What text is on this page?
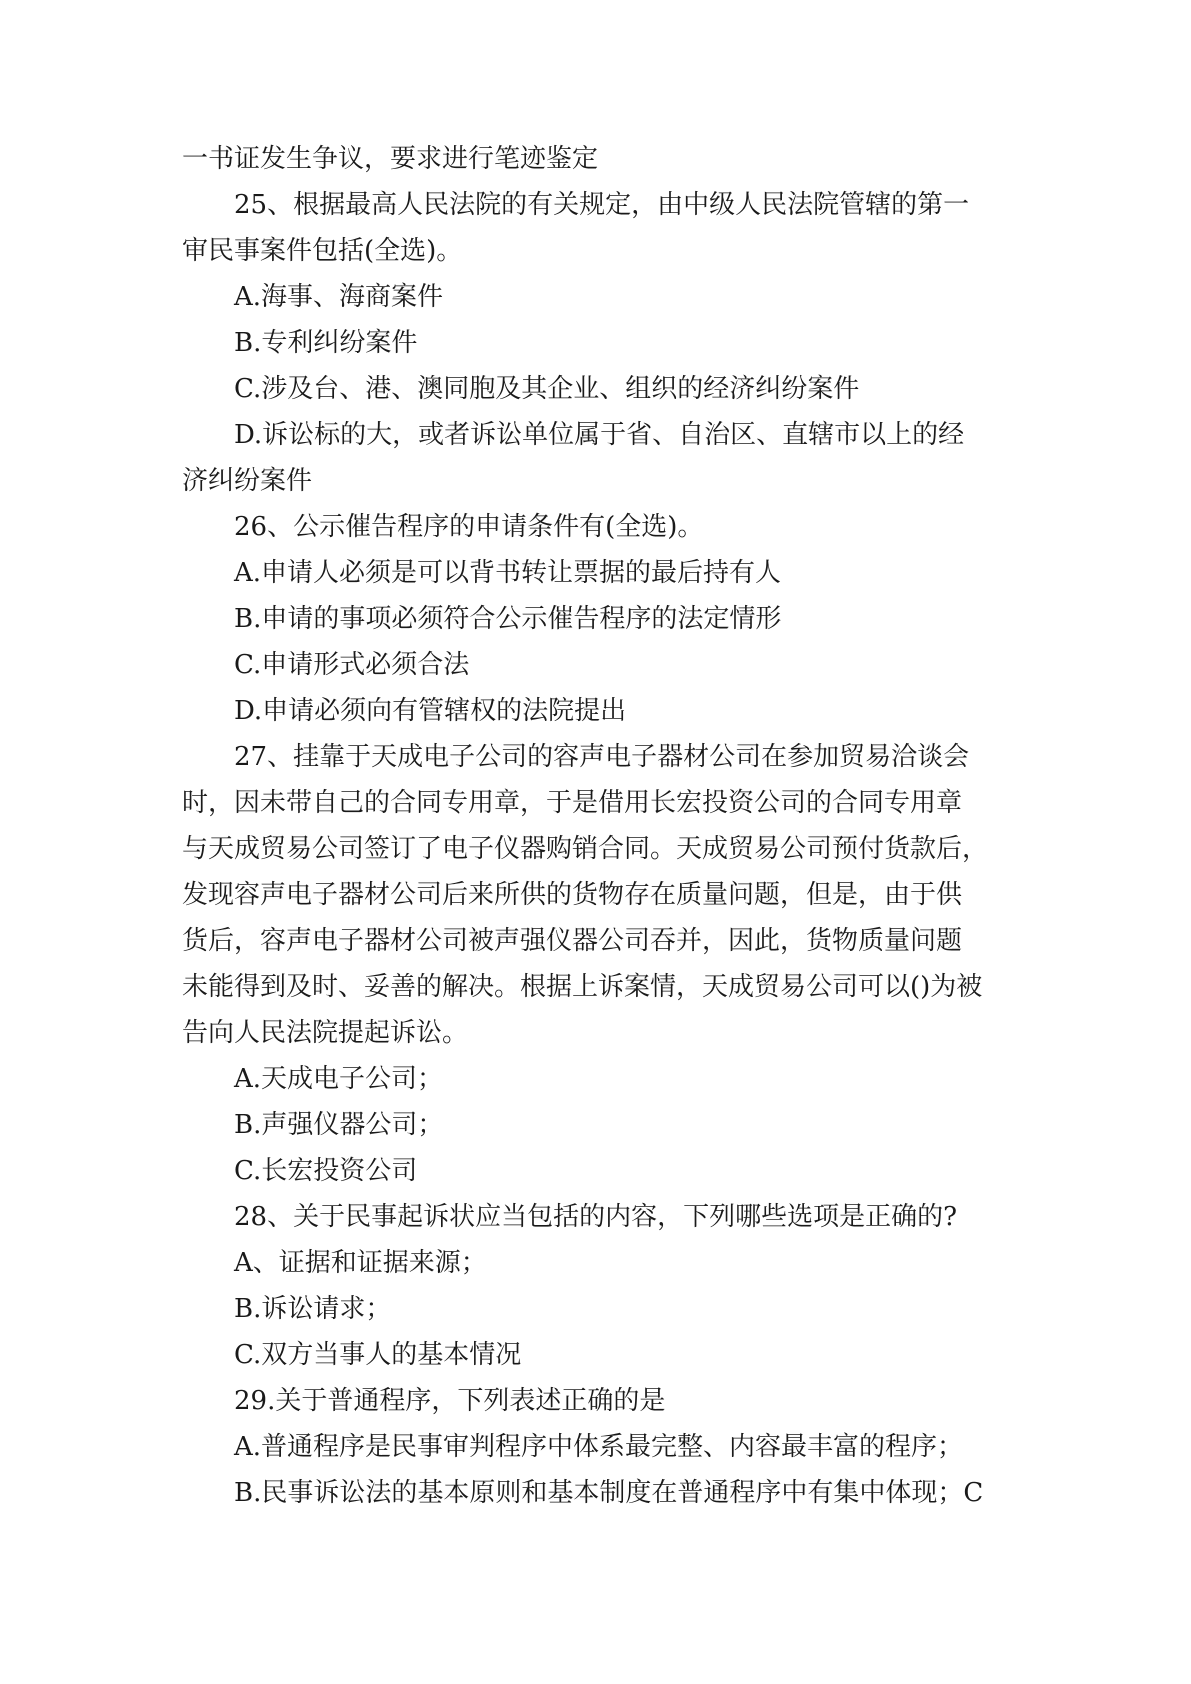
一书证发生争议，要求进行笔迹鉴定

25、根据最高人民法院的有关规定，由中级人民法院管辖的第一

审民事案件包括(全选)。

A.海事、海商案件

B.专利纠纷案件

C.涉及台、港、澳同胞及其企业、组织的经济纠纷案件

D.诉讼标的大，或者诉讼单位属于省、自治区、直辖市以上的经

济纠纷案件

26、公示催告程序的申请条件有(全选)。

A.申请人必须是可以背书转让票据的最后持有人

B.申请的事项必须符合公示催告程序的法定情形

C.申请形式必须合法

D.申请必须向有管辖权的法院提出

27、挂靠于天成电子公司的容声电子器材公司在参加贸易洽谈会

时，因未带自己的合同专用章，于是借用长宏投资公司的合同专用章

与天成贸易公司签订了电子仪器购销合同。天成贸易公司预付货款后，

发现容声电子器材公司后来所供的货物存在质量问题，但是，由于供

货后，容声电子器材公司被声强仪器公司吞并，因此，货物质量问题

未能得到及时、妥善的解决。根据上诉案情，天成贸易公司可以()为被

告向人民法院提起诉讼。

A.天成电子公司；

B.声强仪器公司；

C.长宏投资公司

28、关于民事起诉状应当包括的内容，下列哪些选项是正确的?

A、证据和证据来源；

B.诉讼请求；

C.双方当事人的基本情况

29.关于普通程序，下列表述正确的是

A.普通程序是民事审判程序中体系最完整、内容最丰富的程序；

B.民事诉讼法的基本原则和基本制度在普通程序中有集中体现；C
